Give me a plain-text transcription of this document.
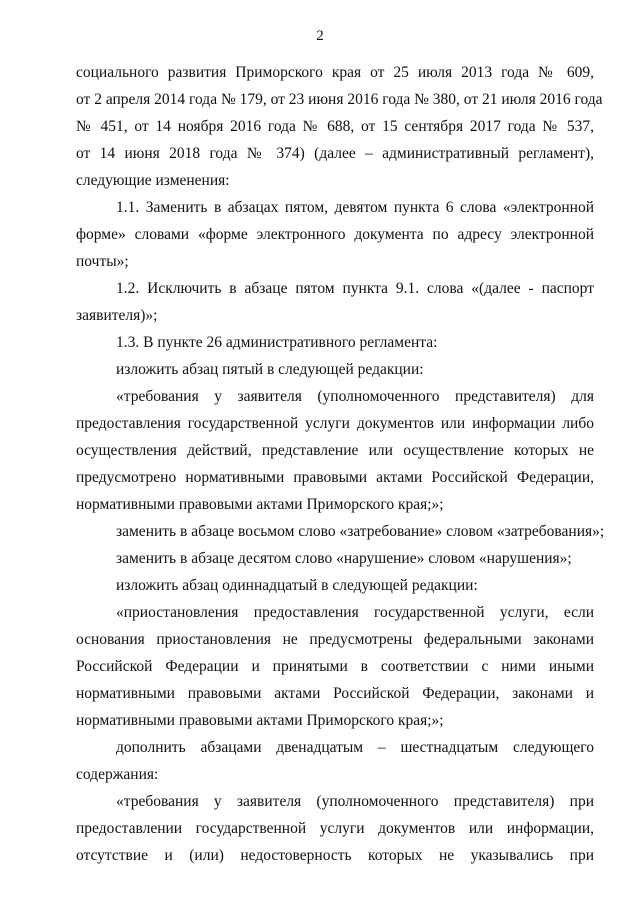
2
социального развития Приморского края от 25 июля 2013 года № 609,
от 2 апреля 2014 года № 179, от 23 июня 2016 года № 380, от 21 июля 2016 года
№ 451, от 14 ноября 2016 года № 688, от 15 сентября 2017 года № 537,
от 14 июня 2018 года № 374) (далее – административный регламент),
следующие изменения:
1.1. Заменить в абзацах пятом, девятом пункта 6 слова «электронной
форме» словами «форме электронного документа по адресу электронной
почты»;
1.2. Исключить в абзаце пятом пункта 9.1. слова «(далее - паспорт
заявителя)»;
1.3. В пункте 26 административного регламента:
изложить абзац пятый в следующей редакции:
«требования у заявителя (уполномоченного представителя) для
предоставления государственной услуги документов или информации либо
осуществления действий, представление или осуществление которых не
предусмотрено нормативными правовыми актами Российской Федерации,
нормативными правовыми актами Приморского края;»;
заменить в абзаце восьмом слово «затребование» словом «затребования»;
заменить в абзаце десятом слово «нарушение» словом «нарушения»;
изложить абзац одиннадцатый в следующей редакции:
«приостановления предоставления государственной услуги, если
основания приостановления не предусмотрены федеральными законами
Российской Федерации и принятыми в соответствии с ними иными
нормативными правовыми актами Российской Федерации, законами и
нормативными правовыми актами Приморского края;»;
дополнить абзацами двенадцатым – шестнадцатым следующего
содержания:
«требования у заявителя (уполномоченного представителя) при
предоставлении государственной услуги документов или информации,
отсутствие и (или) недостоверность которых не указывались при
